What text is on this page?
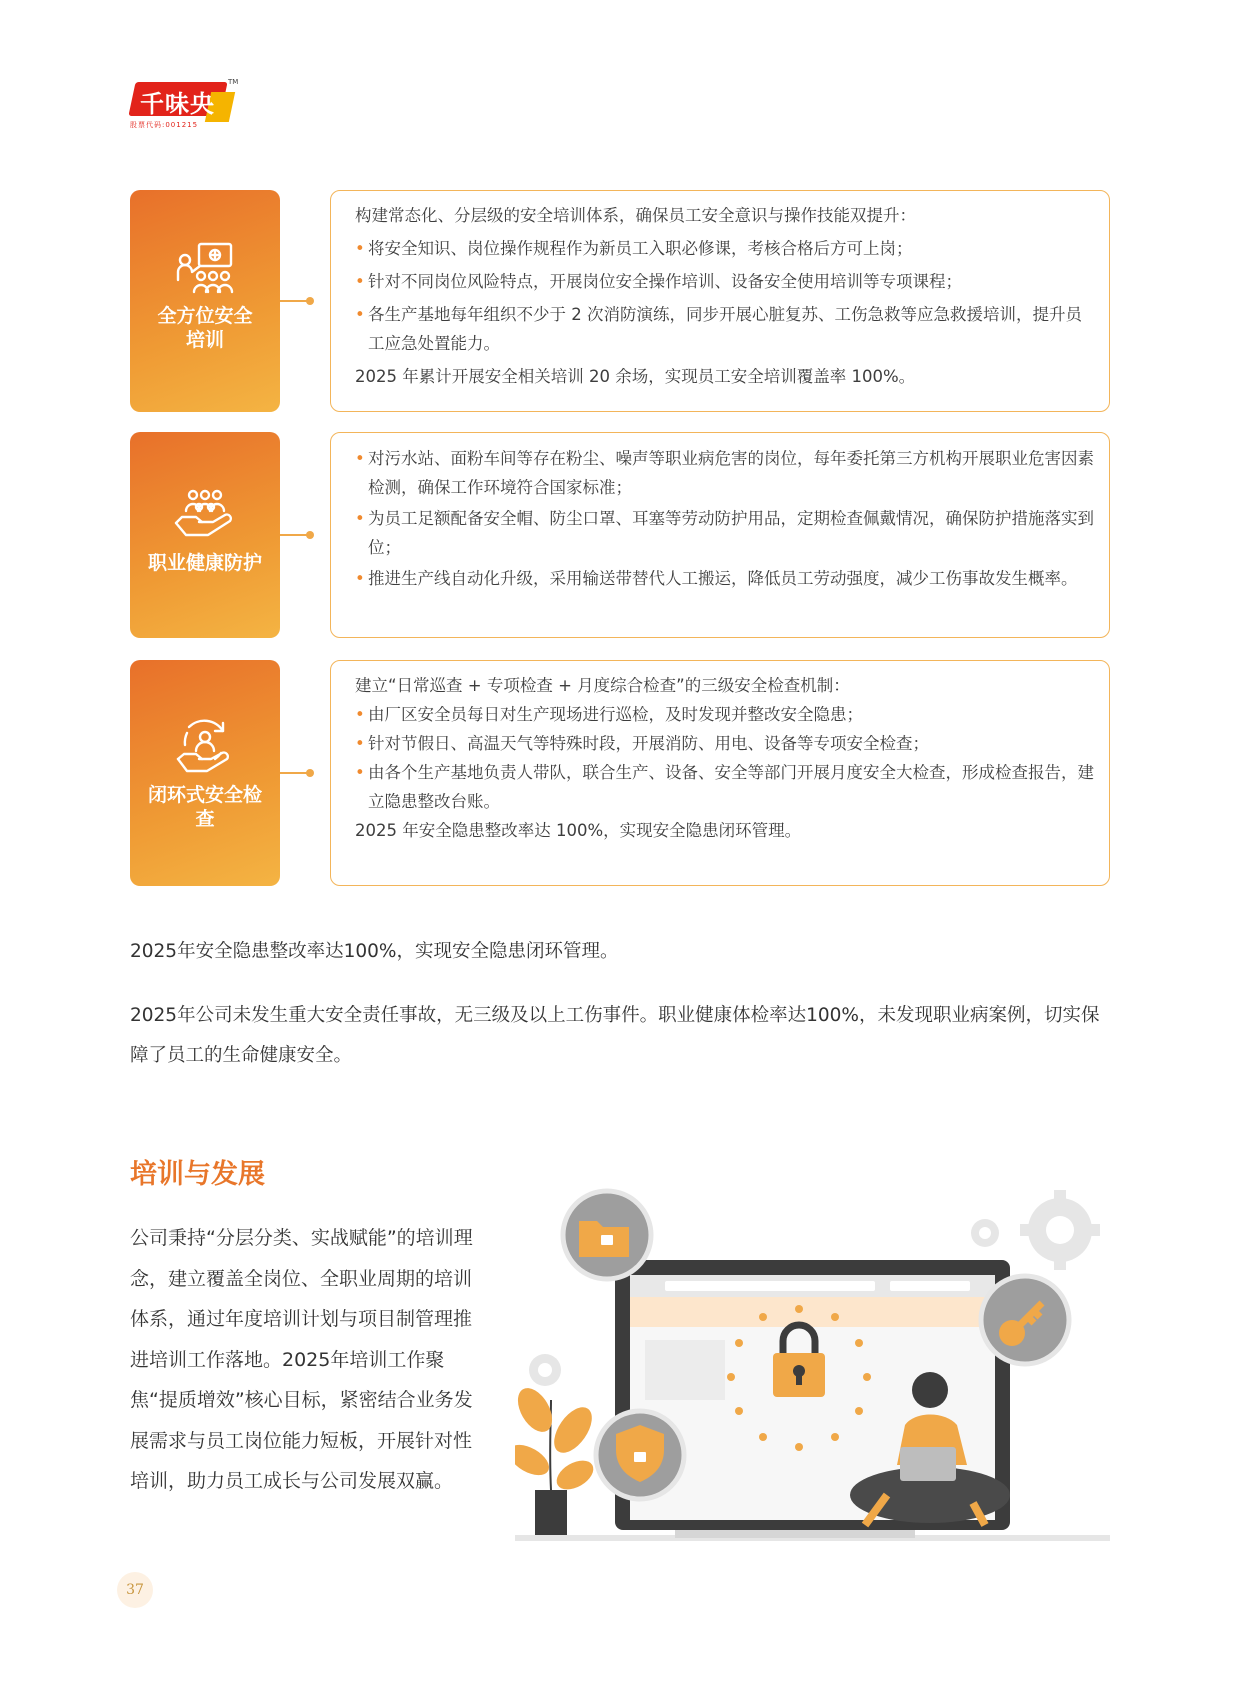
千味央厨
TM
股票代码:001215
全方位安全
培训

构建常态化、分层级的安全培训体系，确保员工安全意识与操作技能双提升：

• 将安全知识、岗位操作规程作为新员工入职必修课，考核合格后方可上岗；

• 针对不同岗位风险特点，开展岗位安全操作培训、设备安全使用培训等专项课程；

• 各生产基地每年组织不少于 2 次消防演练，同步开展心脏复苏、工伤急救等应急救援培训，提升员工应急处置能力。

2025 年累计开展安全相关培训 20 余场，实现员工安全培训覆盖率 100%。

职业健康防护

• 对污水站、面粉车间等存在粉尘、噪声等职业病危害的岗位，每年委托第三方机构开展职业危害因素检测，确保工作环境符合国家标准；

• 为员工足额配备安全帽、防尘口罩、耳塞等劳动防护用品，定期检查佩戴情况，确保防护措施落实到位；

• 推进生产线自动化升级，采用输送带替代人工搬运，降低员工劳动强度，减少工伤事故发生概率。

闭环式安全检查

建立“日常巡查 + 专项检查 + 月度综合检查”的三级安全检查机制：

• 由厂区安全员每日对生产现场进行巡检，及时发现并整改安全隐患；

• 针对节假日、高温天气等特殊时段，开展消防、用电、设备等专项安全检查；

• 由各个生产基地负责人带队，联合生产、设备、安全等部门开展月度安全大检查，形成检查报告，建立隐患整改台账。

2025 年安全隐患整改率达 100%，实现安全隐患闭环管理。

2025年安全隐患整改率达100%，实现安全隐患闭环管理。

2025年公司未发生重大安全责任事故，无三级及以上工伤事件。职业健康体检率达100%，未发现职业病案例，切实保障了员工的生命健康安全。

培训与发展

公司秉持“分层分类、实战赋能”的培训理念，建立覆盖全岗位、全职业周期的培训体系，通过年度培训计划与项目制管理推进培训工作落地。2025年培训工作聚焦“提质增效”核心目标，紧密结合业务发展需求与员工岗位能力短板，开展针对性培训，助力员工成长与公司发展双赢。

37
